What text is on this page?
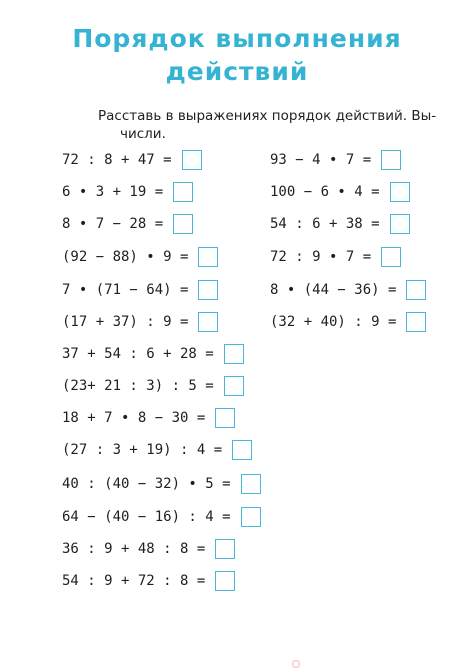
Порядок выполнения
действий

Расставь в выражениях порядок действий. Вы-
числи.

72 : 8 + 47 =
6 • 3 + 19 =
8 • 7 − 28 =
(92 − 88) • 9 =
7 • (71 − 64) =
(17 + 37) : 9 =
37 + 54 : 6 + 28 =
(23+ 21 : 3) : 5 =
18 + 7 • 8 − 30 =
(27 : 3 + 19) : 4 =
40 : (40 − 32) • 5 =
64 − (40 − 16) : 4 =
36 : 9 + 48 : 8 =
54 : 9 + 72 : 8 =
93 − 4 • 7 =
100 − 6 • 4 =
54 : 6 + 38 =
72 : 9 • 7 =
8 • (44 − 36) =
(32 + 40) : 9 =
